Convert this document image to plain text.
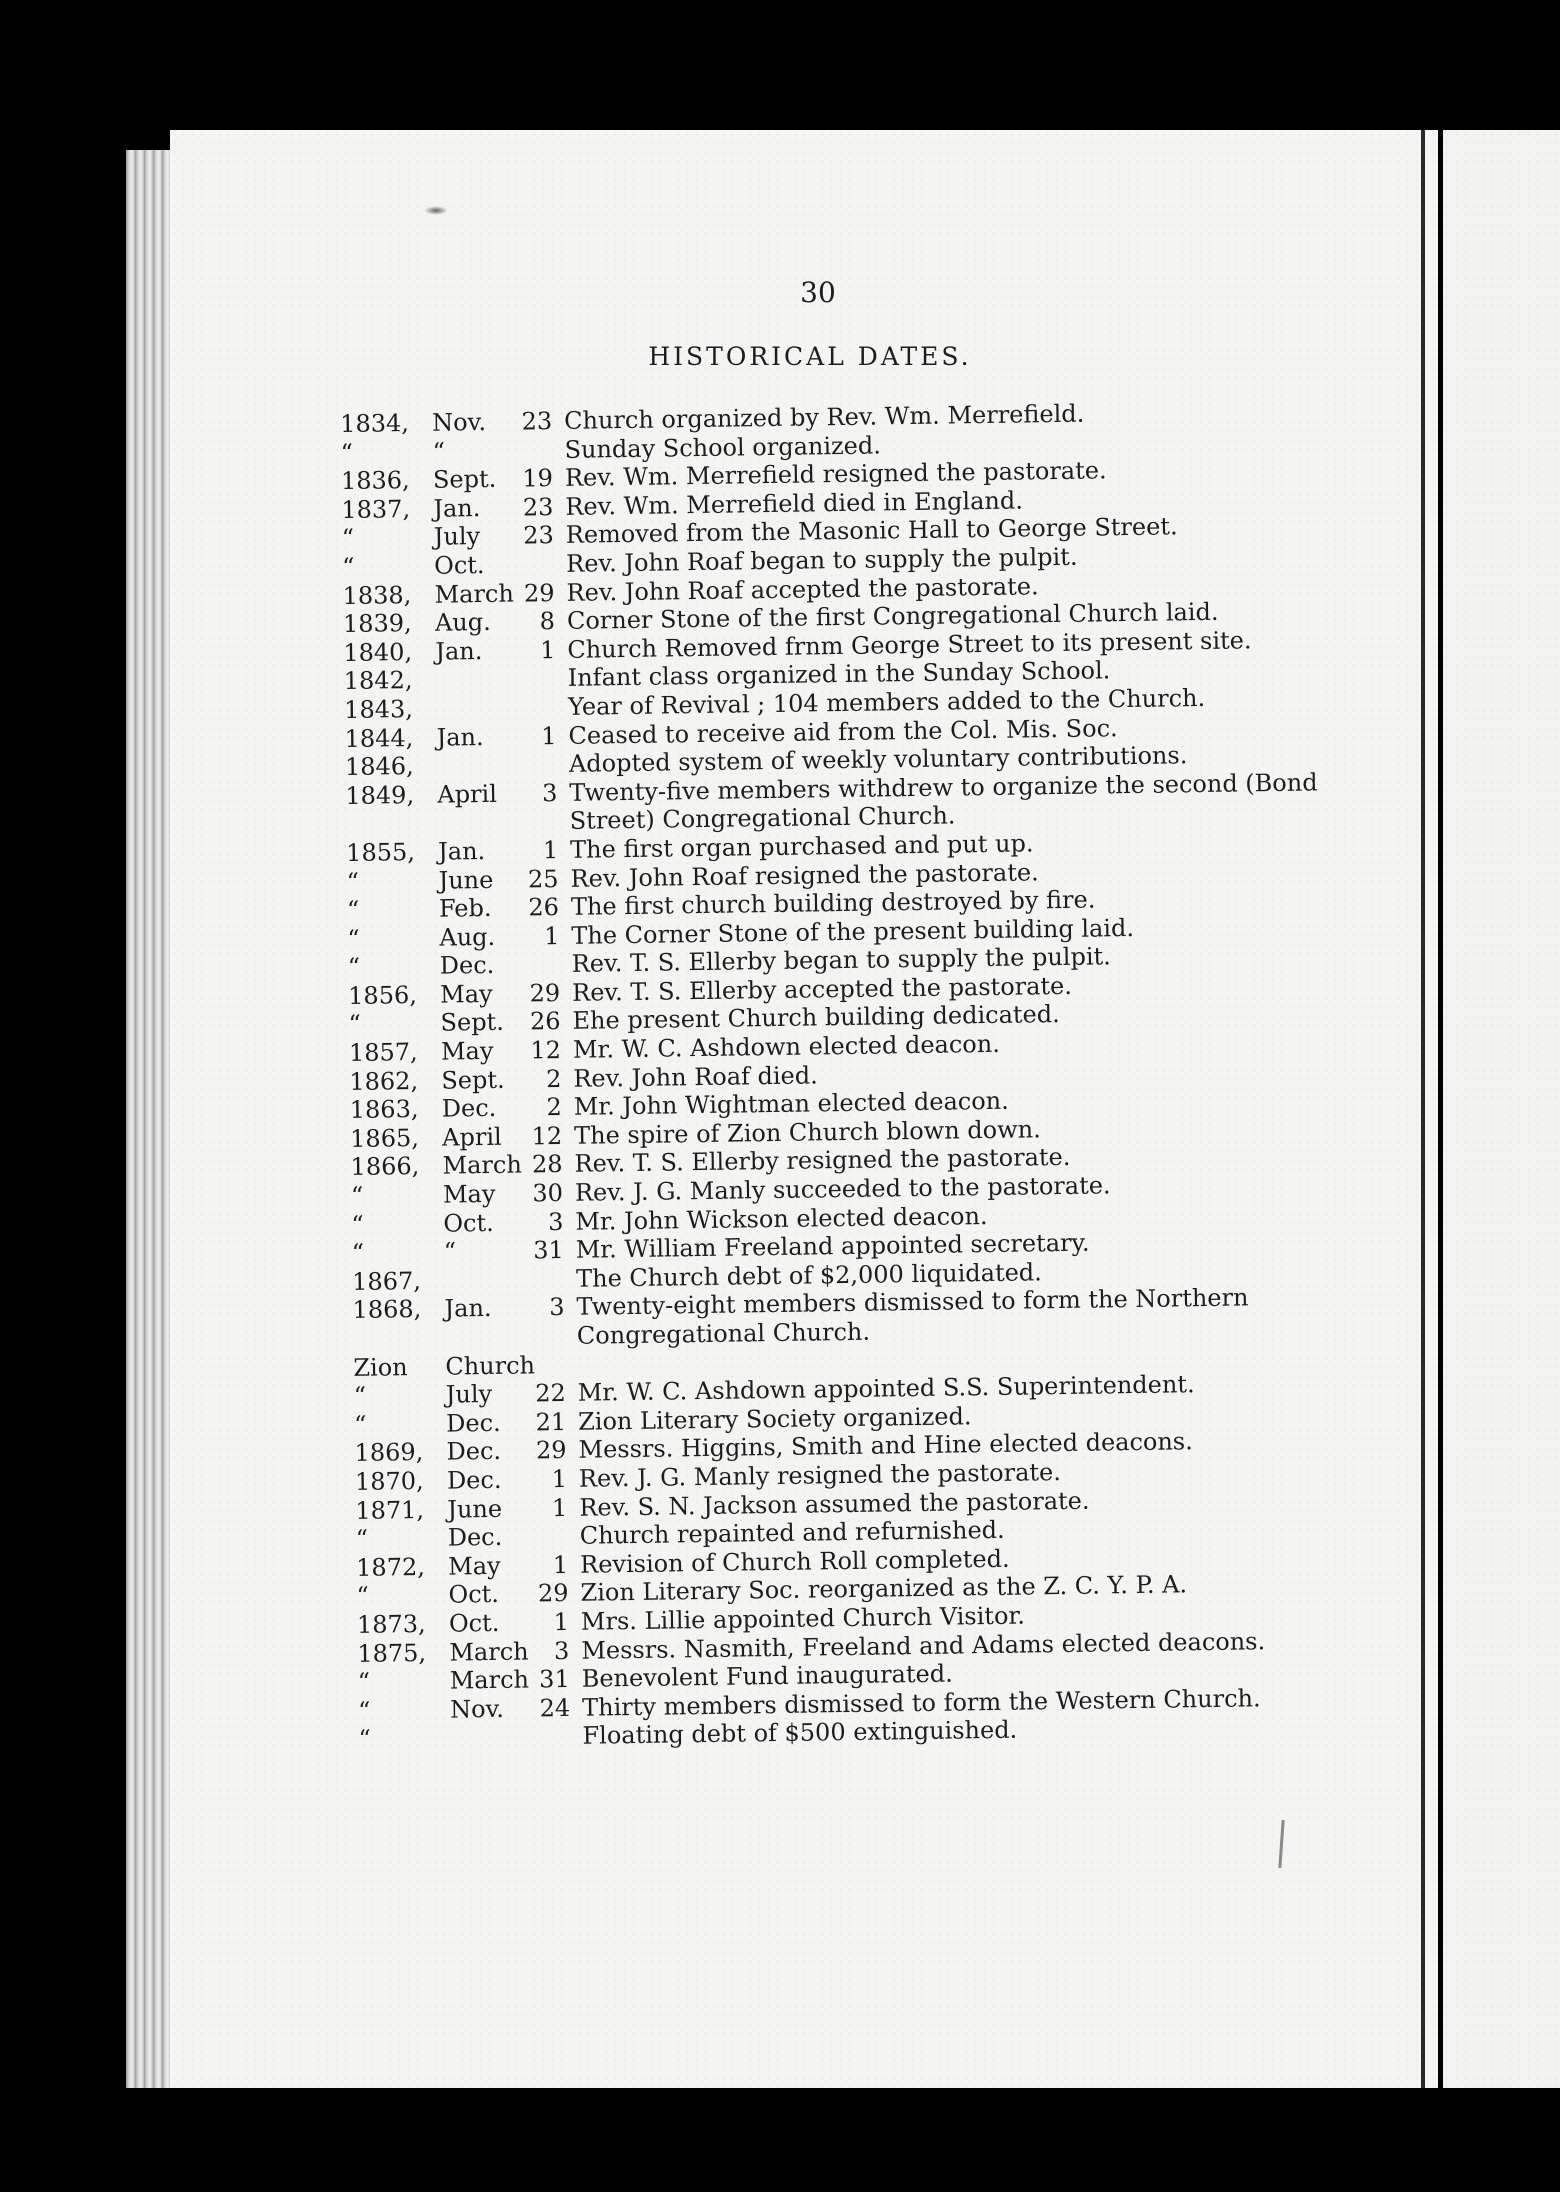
30
HISTORICAL DATES.
1834, Nov.	23 Church organized by Rev. Wm. Merrefield.
“	“	Sunday School organized.
1836, Sept.	19 Rev. Wm. Merrefield resigned the pastorate.
1837, Jan.	23 Rev. Wm. Merrefield died in England.
“	July	23 Removed from the Masonic Hall to George Street.
“	Oct.	Rev. John Roaf began to supply the pulpit.
1838, March 29 Rev. John Roaf accepted the pastorate.
1839, Aug.	8 Corner Stone of the first Congregational Church laid.
1840, Jan.	1 Church Removed frnm George Street to its present site.
1842,	Infant class organized in the Sunday School.
1843,	Year of Revival ; 104 members added to the Church.
1844, Jan.	1 Ceased to receive aid from the Col. Mis. Soc.
1846,	Adopted system of weekly voluntary contributions.
1849, April	3 Twenty-five members withdrew to organize the second (Bond Street) Congregational Church.
1855, Jan.	1 The first organ purchased and put up.
“	June	25 Rev. John Roaf resigned the pastorate.
“	Feb.	26 The first church building destroyed by fire.
“	Aug.	1 The Corner Stone of the present building laid.
“	Dec.	Rev. T. S. Ellerby began to supply the pulpit.
1856, May	29 Rev. T. S. Ellerby accepted the pastorate.
“	Sept.	26 Ehe present Church building dedicated.
1857, May	12 Mr. W. C. Ashdown elected deacon.
1862, Sept.	2 Rev. John Roaf died.
1863, Dec.	2 Mr. John Wightman elected deacon.
1865, April	12 The spire of Zion Church blown down.
1866, March 28 Rev. T. S. Ellerby resigned the pastorate.
“	May	30 Rev. J. G. Manly succeeded to the pastorate.
“	Oct.	3 Mr. John Wickson elected deacon.
“	“	31 Mr. William Freeland appointed secretary.
1867,	The Church debt of $2,000 liquidated.
1868, Jan.	3 Twenty-eight members dismissed to form the Northern Congregational Church.
Zion	Church
“	July	22 Mr. W. C. Ashdown appointed S.S. Superintendent.
“	Dec.	21 Zion Literary Society organized.
1869, Dec.	29 Messrs. Higgins, Smith and Hine elected deacons.
1870, Dec.	1 Rev. J. G. Manly resigned the pastorate.
1871, June	1 Rev. S. N. Jackson assumed the pastorate.
“	Dec.	Church repainted and refurnished.
1872, May	1 Revision of Church Roll completed.
“	Oct.	29 Zion Literary Soc. reorganized as the Z. C. Y. P. A.
1873, Oct.	1 Mrs. Lillie appointed Church Visitor.
1875, March	3 Messrs. Nasmith, Freeland and Adams elected deacons.
“	March 31 Benevolent Fund inaugurated.
“	Nov.	24 Thirty members dismissed to form the Western Church.
“	Floating debt of $500 extinguished.
